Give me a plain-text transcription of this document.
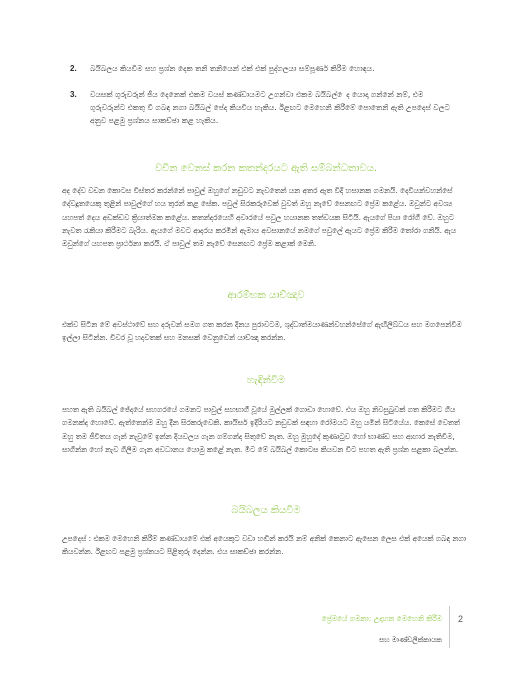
2. බයිබලය කියවීම සහ ප්‍රශ්න දෙක තනි තනියෙන් එක් එක් පුද්ගලයා සම්පූර්ණ කිරීම හොඳය.
3. වයසක් ගුරුවරුන් ජීය දෙනෙක් එකම වයස් කණ්ඩායමට උගන්වා එකම බයිබල් ෙද යොදා ගන්නේ නම්, එම ගුරුවරුන්ට එකතු වී ගබඳ නගා බයිබල් පේද කියවිය හැකිය. ඊළඟට මෙහෙනි කිරීමේ පොතෙනි ඇති උපදෙස් වලට අනුව පළමු ප්‍රශ්නය සාකච්ඡා කළ හැකිය.
වචින වෙනස් කරන කතන්දරයට ඇති සම්බන්ධතාවය.
අද දේව වචන කොටස විස්තර කරන්නේ පාවුල් ඔහුගේ නඩුවට නැවතෙන් යන අතර ඇත විදි හසානක ගමනයි. දෙවියන්වහන්සේ දේවදූතයෙකු තුළින් පාවුල්ගේ හය තුරන් කළ සේක. පවුල් සිරකරුවෙක් වුවත් ඔහු නැවේ සෙනඟට ප්‍රේම කළේය. ඔවුන්ට අවශ්‍ය යහපත් දෙය අඩක්ඩව ක්‍රියාත්මක කළේය. කතන්දරයෙහි අවාරයේ පවුල හයානක තත්වයක සිටියි. ඇයගේ පියා රෝගී වේ. ඔහුට නැවත රැකියා කිරීමට බැරිය. ඇයගේ මවට ආදරය කරමින් ඇමාය අවසානයේ නමගේ පවුලේ ඇයට ප්‍රේම කිරීම තෝරා ගනියි. ඇය ඔවුන්ගේ යහපත ප්‍රාර්ථනා කරයි. ඒ පාවුල් තම නැවේ සෙනඟට ප්‍රේම කළාක් මෙනි.
ආරම්භක යාච්ඤාව
එක්ව සිටින මේ අවස්ථාවේ සහ දරුවන් සමග ගත කරන දිනය පුරාවටම, ශුද්ධාත්මයාණන්වහන්සේගේ ඇඟිලිබ්ධය සහ මගපෙන්වීම ඉල්ලා සිටින්න. විවර වූ හදවතක් සහ මනසක් වෙනුවෙන් යාච්ඤා කරන්න.
හැඳින්වීම
පහත ඇති බයිබල් ජේදයේ සහගරයේ ගමනට පාවුල් සහභාගී වූයේ මුල්ලක් ගොඩා හොවේ. එය ඔහු නිවසුබුවක් ගත කිරීමට ගිය ගමනක්ද හොවේ. ඇත්තෙන්ම ඔහු දීන සිරකරුවෙකි. කායිසර් ඉදිරියට නඩුවක් සඳහා රෝමයට ඔහු යමින් සිටියේය. කෙසේ වෙතත් ඔහු තම ජීවිතය ගැන් නැවුමේ ඉන්න දියවලය ගැන ගම්ගන්ද සිතුවේ නැත. ඔහු මුහුදේ කුණාටුව හෝ භාණ්ඩ සහ ආහාර නැතිවීම, සාගින්න හෝ නැව ගිලීම ගැන අවධානය යොමු කළේ නැත. මීට මේ බයිබල් කොටස කියවන විට පහත ඇති ප්‍රශ්න සළකා බලන්න.
බයිබලය කියවීම
උපදෙස් : එකම මෙහෙනි කිරීම් කණ්ඩායමේ එක් අයෙකුට වඩා හඬින් කරයි නම් අනික් කෙනාට ඇසෙන ලෙස එක් අයෙක් ගබඳ නගා කියවන්න. ඊළඟට පළමු ප්‍රශ්නයට පිළිතුරු දෙන්න. එය සාකච්ඡා කරන්න.
ප්‍රේමයේ ගමනා: උදාහන මෙහෙනි කිරීම
සහ මාණ්ඩලික්කායක
2
